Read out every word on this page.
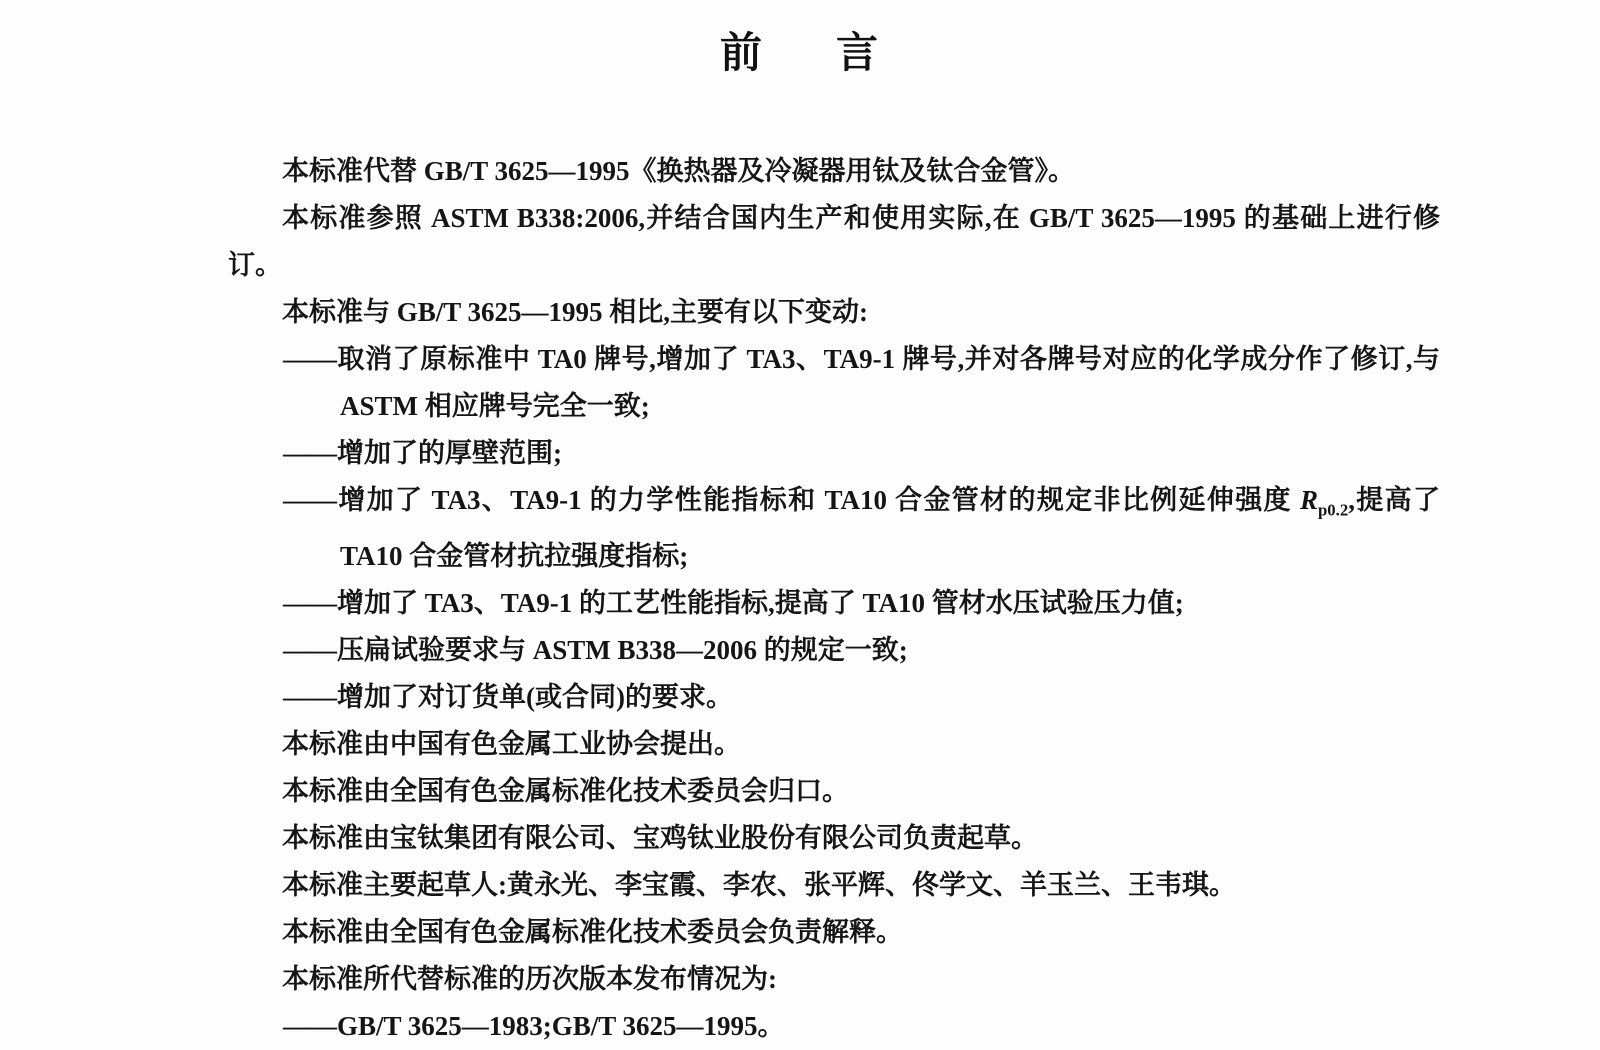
前 言

本标准代替 GB/T 3625—1995《换热器及冷凝器用钛及钛合金管》。

本标准参照 ASTM B338:2006,并结合国内生产和使用实际,在 GB/T 3625—1995 的基础上进行修订。

本标准与 GB/T 3625—1995 相比,主要有以下变动:

——取消了原标准中 TA0 牌号,增加了 TA3、TA9-1 牌号,并对各牌号对应的化学成分作了修订,与 ASTM 相应牌号完全一致;

——增加了的厚壁范围;

——增加了 TA3、TA9-1 的力学性能指标和 TA10 合金管材的规定非比例延伸强度 $R_{p0.2}$,提高了TA10 合金管材抗拉强度指标;

——增加了 TA3、TA9-1 的工艺性能指标,提高了 TA10 管材水压试验压力值;

——压扁试验要求与 ASTM B338—2006 的规定一致;

——增加了对订货单(或合同)的要求。

本标准由中国有色金属工业协会提出。

本标准由全国有色金属标准化技术委员会归口。

本标准由宝钛集团有限公司、宝鸡钛业股份有限公司负责起草。

本标准主要起草人:黄永光、李宝霞、李农、张平辉、佟学文、羊玉兰、王韦琪。

本标准由全国有色金属标准化技术委员会负责解释。

本标准所代替标准的历次版本发布情况为:

——GB/T 3625—1983;GB/T 3625—1995。
